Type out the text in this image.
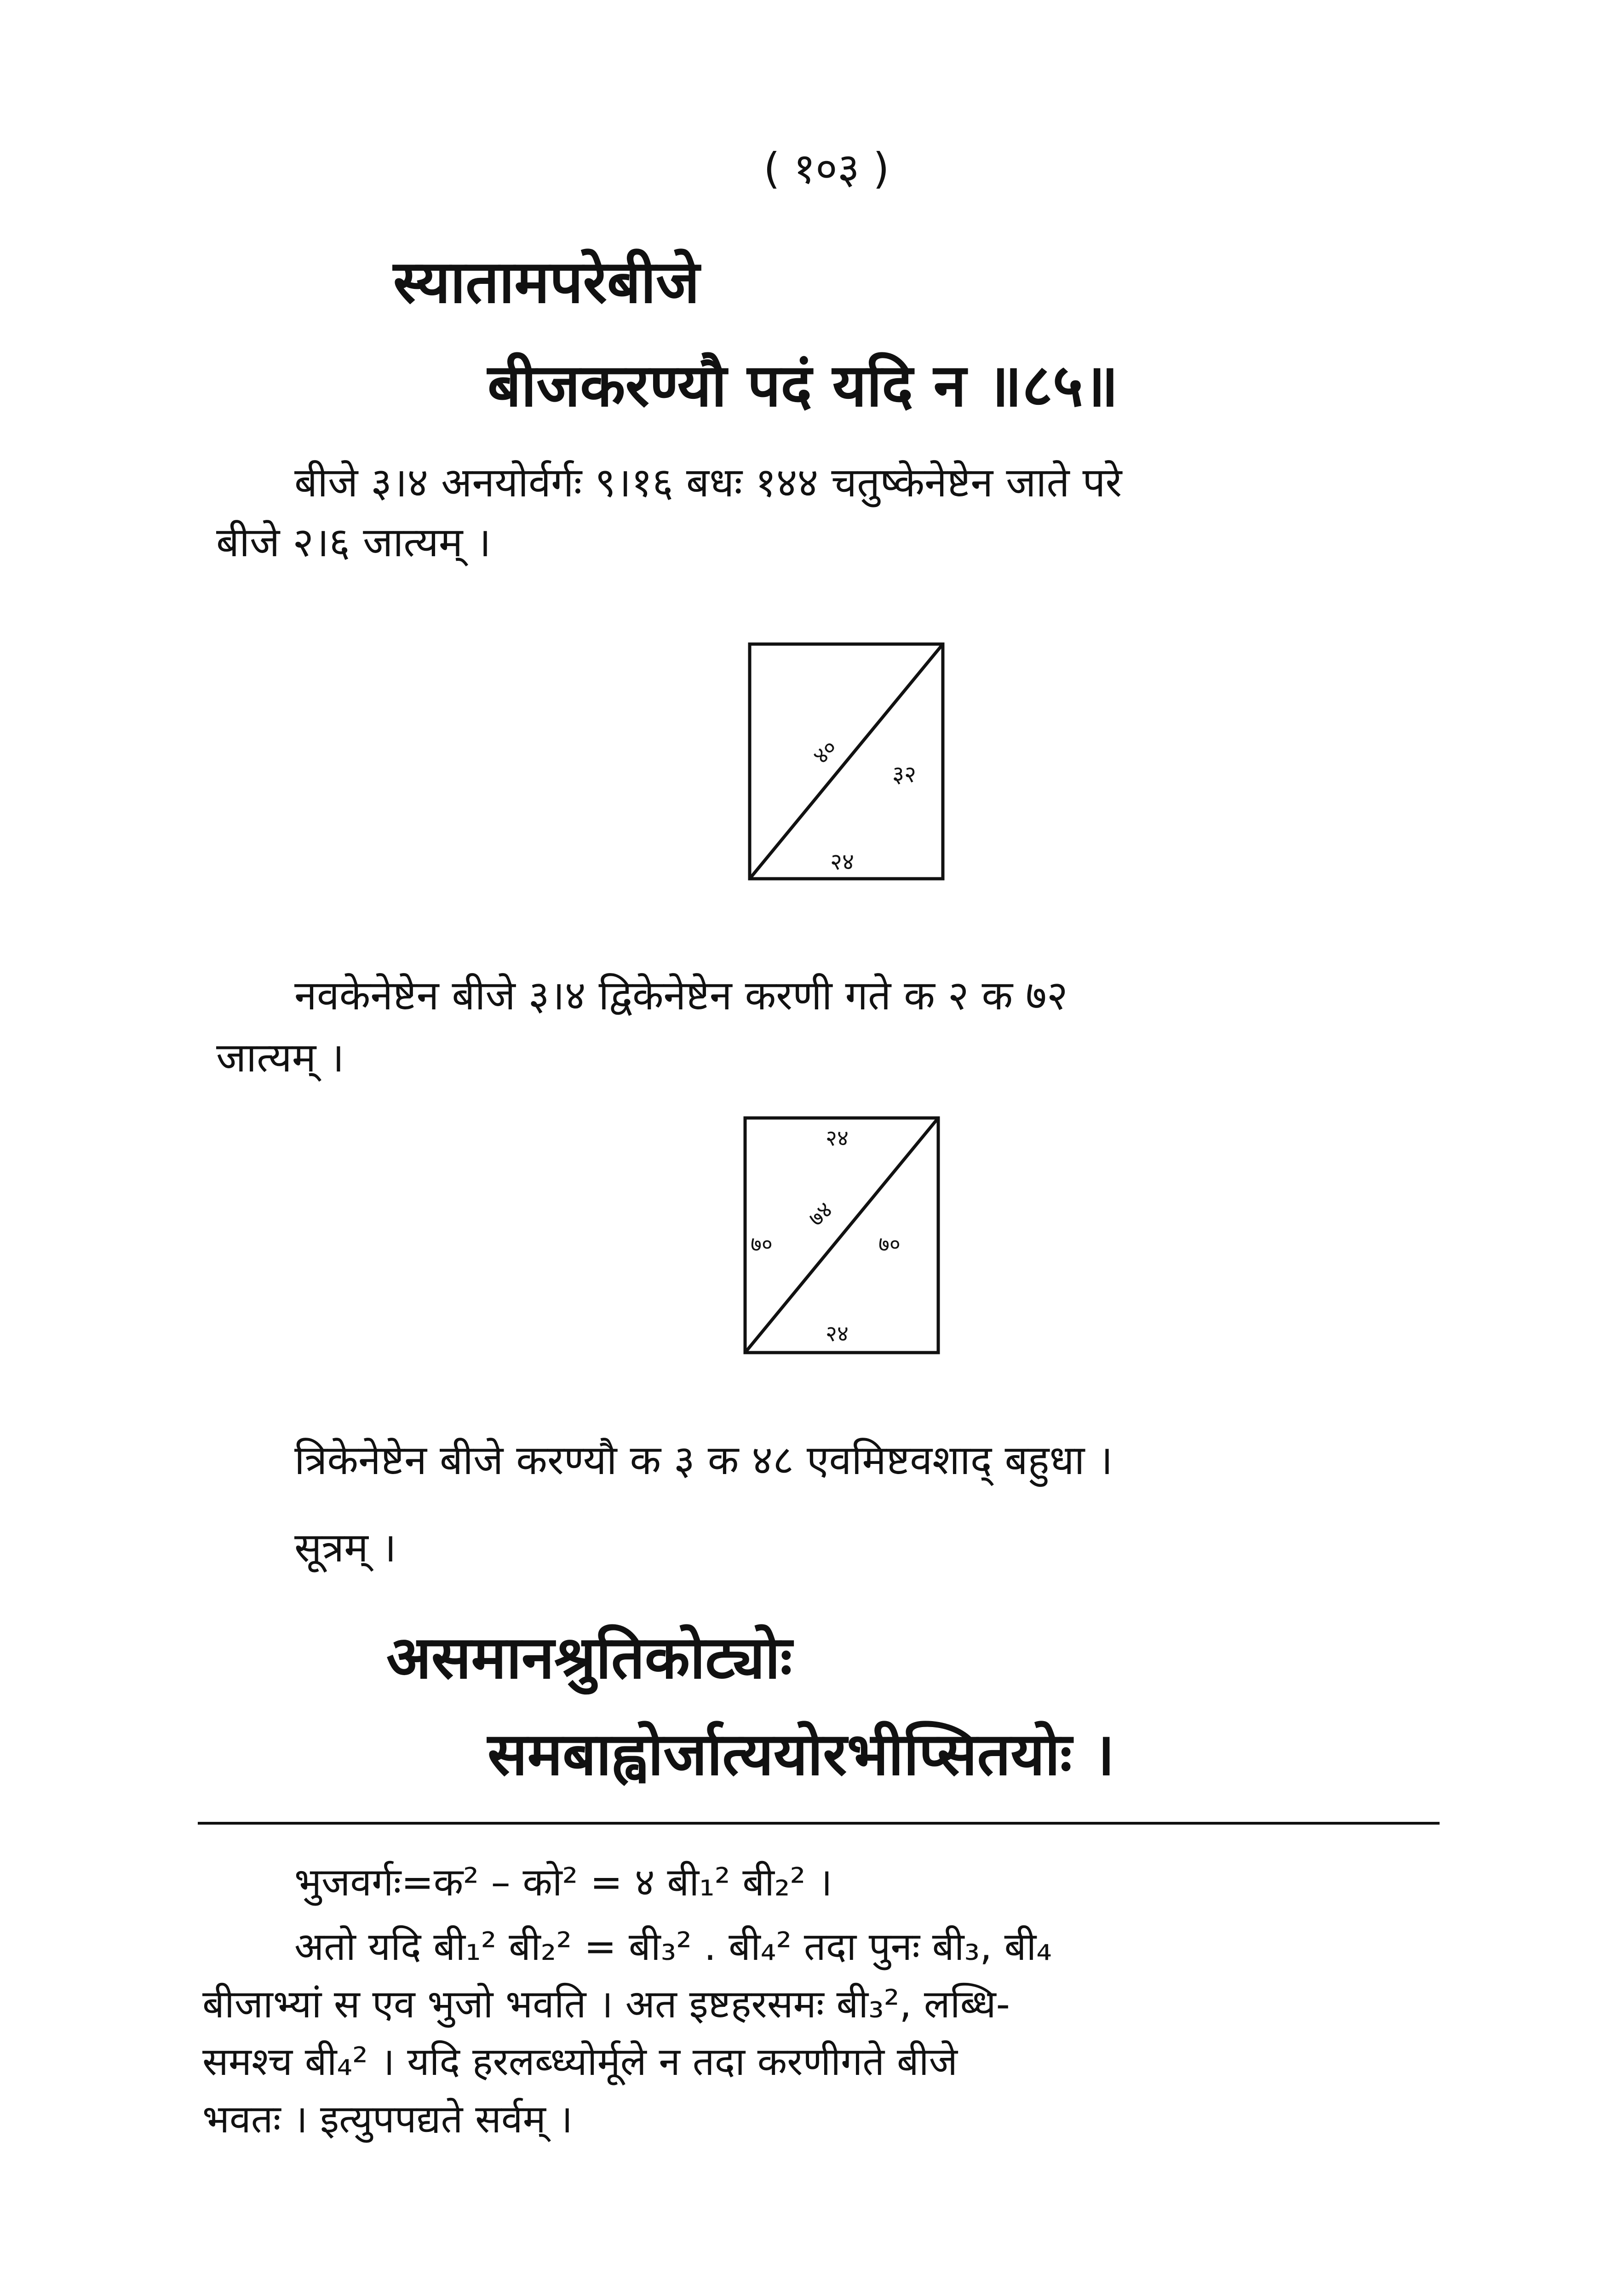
( १०३ )
स्यातामपरेबीजे
बीजकरण्यौ पदं यदि न ॥८५॥
बीजे ३।४ अनयोर्वर्गः ९।१६ बधः १४४ चतुष्केनेष्टेन जाते परे
बीजे २।६ जात्यम् ।
४०
३२
२४
नवकेनेष्टेन बीजे ३।४ द्विकेनेष्टेन करणी गते क २ क ७२
जात्यम् ।
२४
७४
७०	७०
२४
त्रिकेनेष्टेन बीजे करण्यौ क ३ क ४८ एवमिष्टवशाद् बहुधा ।
सूत्रम् ।
असमानश्रुतिकोट्योः
समबाह्वोर्जात्ययोरभीप्सितयोः ।
भुजवर्गः=क² – को² = ४ बी₁² बी₂² ।
अतो यदि बी₁² बी₂² = बी₃² . बी₄² तदा पुनः बी₃, बी₄
बीजाभ्यां स एव भुजो भवति । अत इष्टहरसमः बी₃², लब्धि-
समश्च बी₄² । यदि हरलब्ध्योर्मूले न तदा करणीगते बीजे
भवतः । इत्युपपद्यते सर्वम् ।
